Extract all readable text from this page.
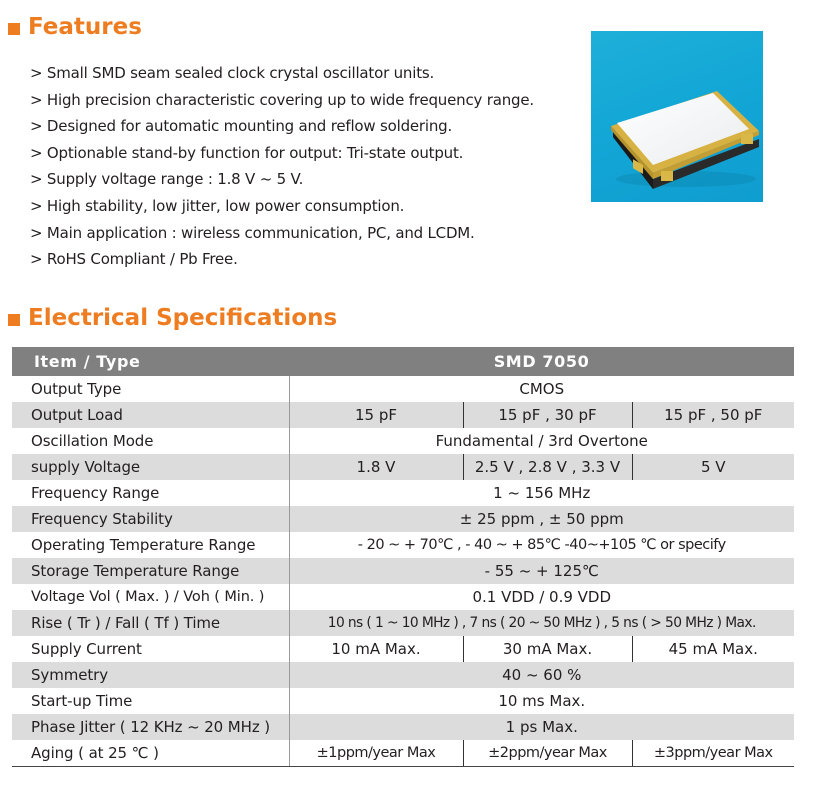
Features
> Small SMD seam sealed clock crystal oscillator units.
> High precision characteristic covering up to wide frequency range.
> Designed for automatic mounting and reflow soldering.
> Optionable stand-by function for output: Tri-state output.
> Supply voltage range : 1.8 V ~ 5 V.
> High stability, low jitter, low power consumption.
> Main application : wireless communication, PC, and LCDM.
> RoHS Compliant / Pb Free.
Electrical Specifications
Item / Type	SMD 7050		
Output Type	CMOS		
Output Load	15 pF	15 pF , 30 pF	15 pF , 50 pF
Oscillation Mode	Fundamental / 3rd Overtone		
supply Voltage	1.8 V	2.5 V , 2.8 V , 3.3 V	5 V
Frequency Range	1 ~ 156 MHz		
Frequency Stability	± 25 ppm , ± 50 ppm		
Operating Temperature Range	- 20 ~ + 70℃ , - 40 ~ + 85℃ -40~+105 ℃ or specify		
Storage Temperature Range	- 55 ~ + 125℃		
Voltage Vol ( Max. ) / Voh ( Min. )	0.1 VDD / 0.9 VDD		
Rise ( Tr ) / Fall ( Tf ) Time	10 ns ( 1 ~ 10 MHz ) , 7 ns ( 20 ~ 50 MHz ) , 5 ns ( > 50 MHz ) Max.		
Supply Current	10 mA Max.	30 mA Max.	45 mA Max.
Symmetry	40 ~ 60 %		
Start-up Time	10 ms Max.		
Phase Jitter ( 12 KHz ~ 20 MHz )	1 ps Max.		
Aging ( at 25 ℃ )	±1ppm/year Max	±2ppm/year Max	±3ppm/year Max
